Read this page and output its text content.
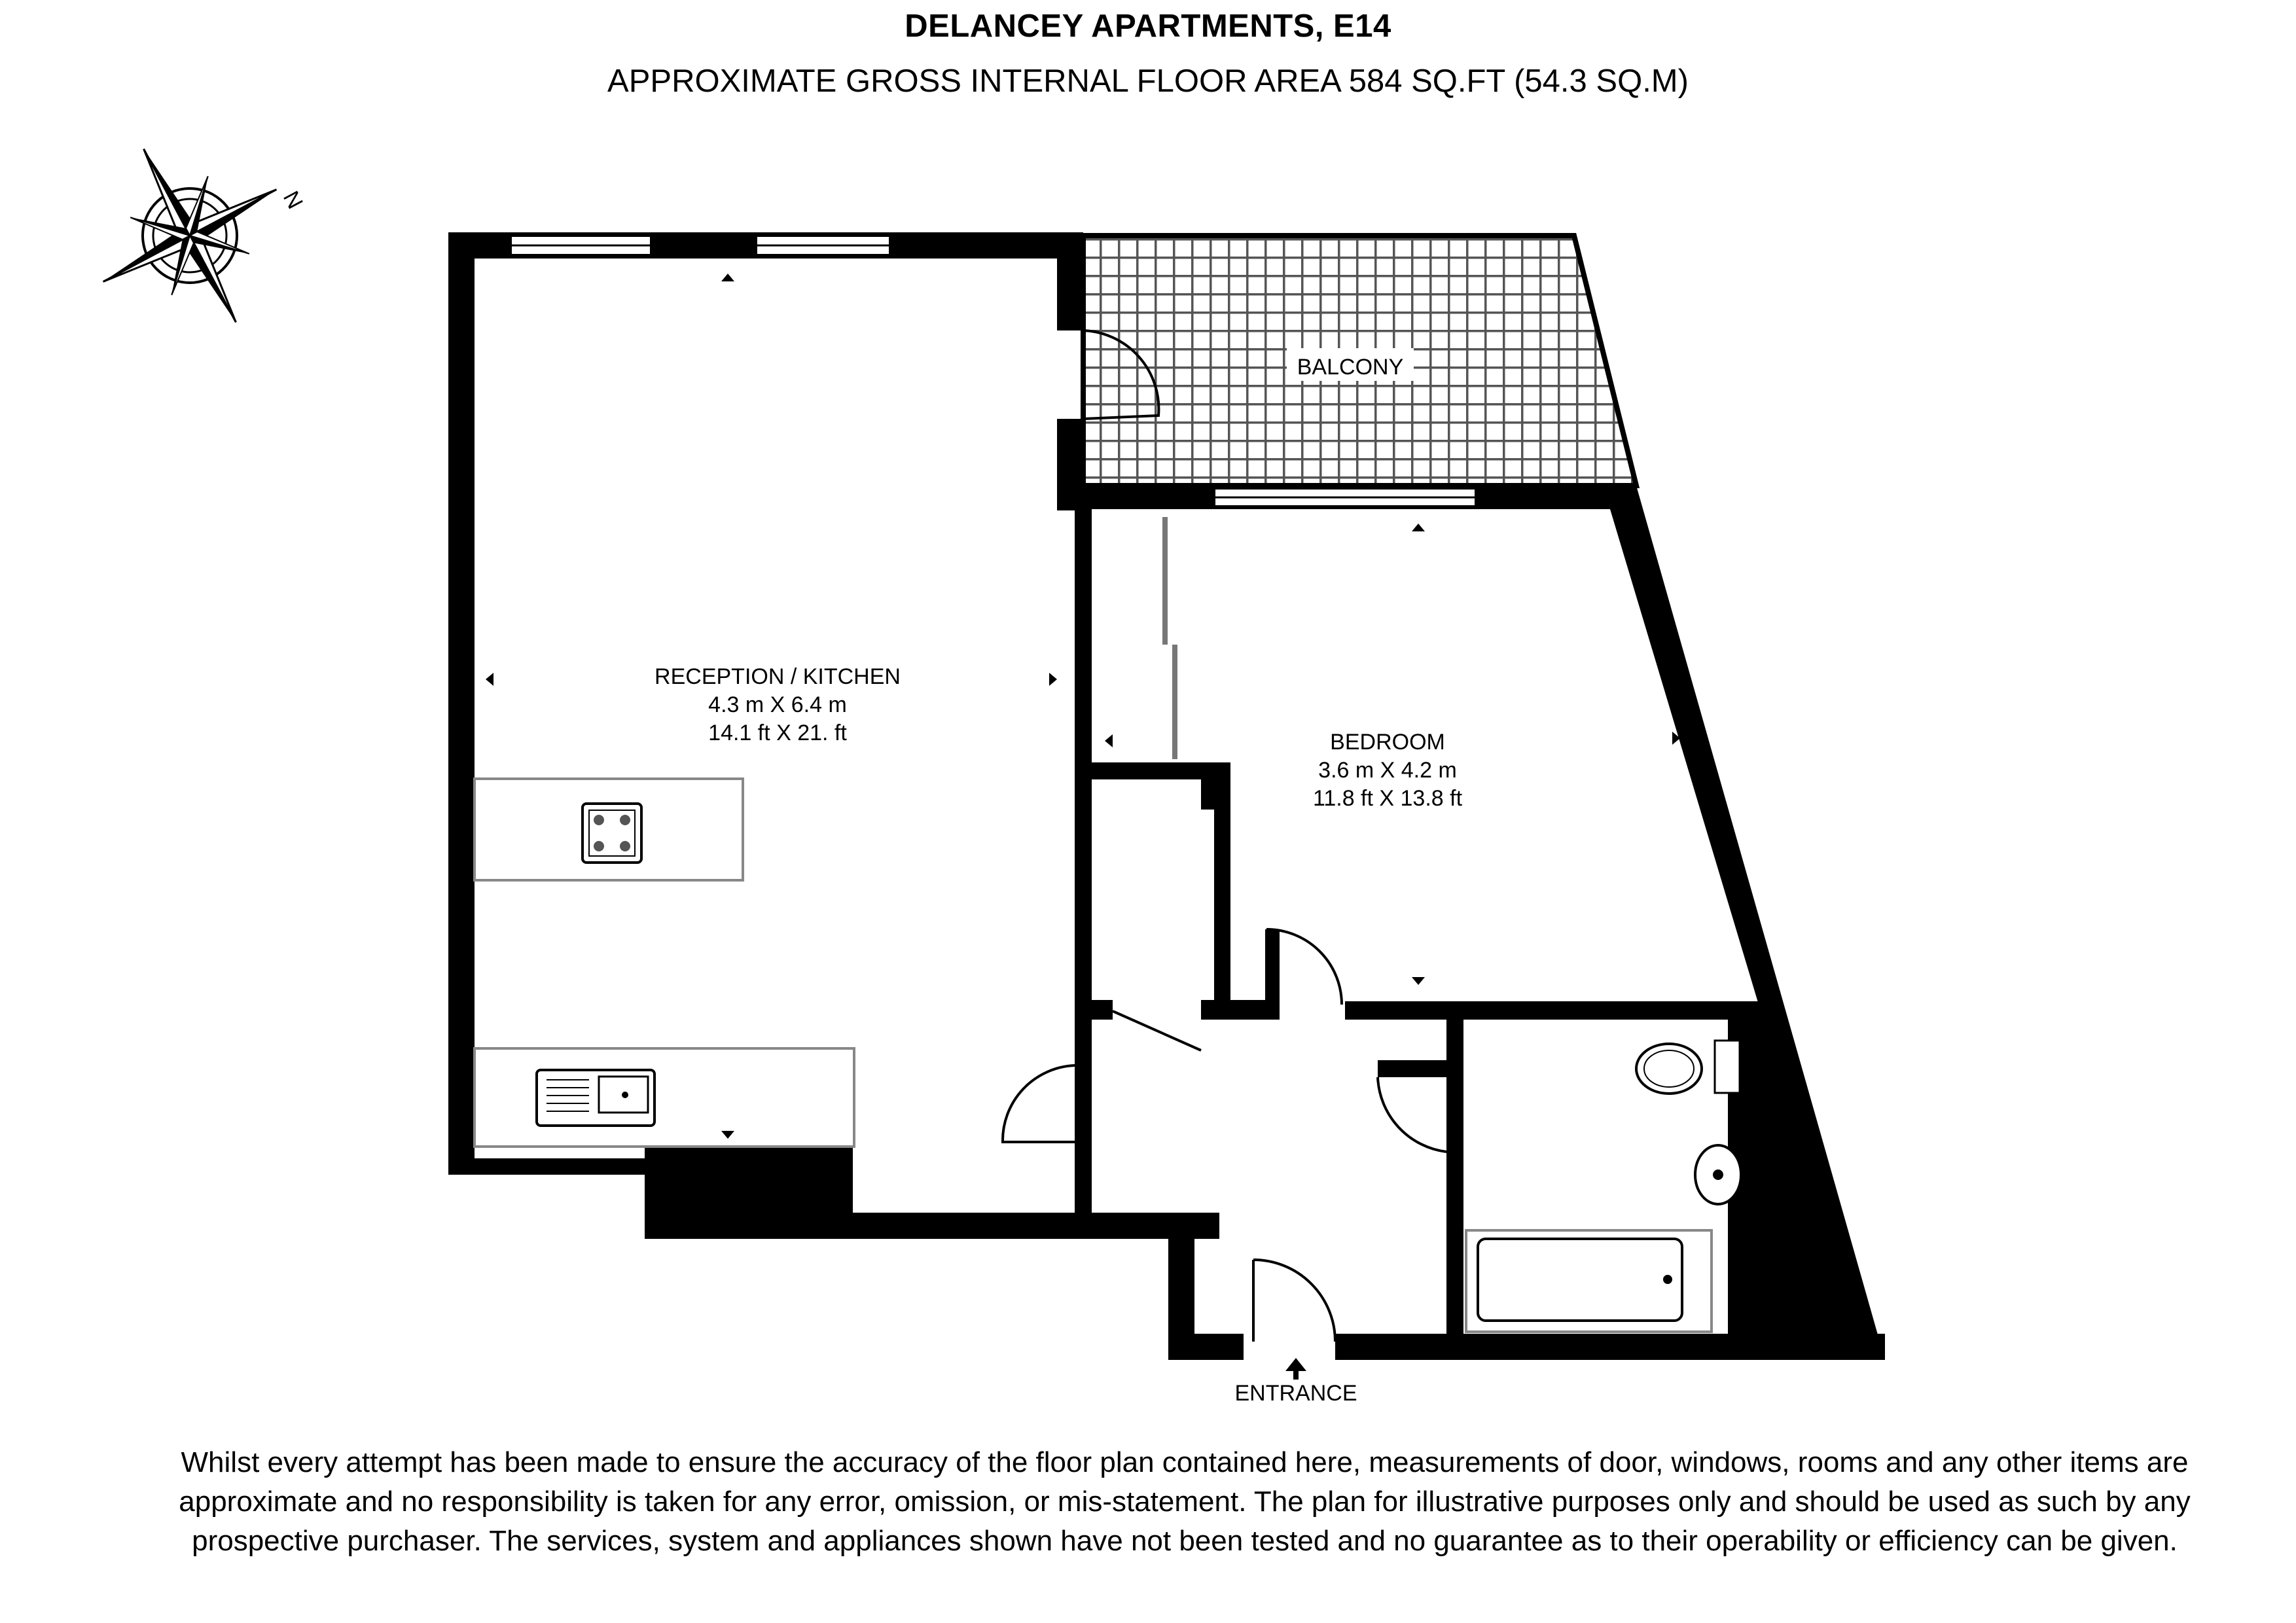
DELANCEY APARTMENTS, E14
APPROXIMATE GROSS INTERNAL FLOOR AREA 584 SQ.FT (54.3 SQ.M)
N
BALCONY
RECEPTION / KITCHEN
4.3 m X 6.4 m
14.1 ft X 21. ft	BEDROOM
3.6 m X 4.2 m
11.8 ft X 13.8 ft
ENTRANCE

Whilst every attempt has been made to ensure the accuracy of the floor plan contained here, measurements of door, windows, rooms and any other items are approximate and no responsibility is taken for any error, omission, or mis-statement. The plan for illustrative purposes only and should be used as such by any prospective purchaser. The services, system and appliances shown have not been tested and no guarantee as to their operability or efficiency can be given.
